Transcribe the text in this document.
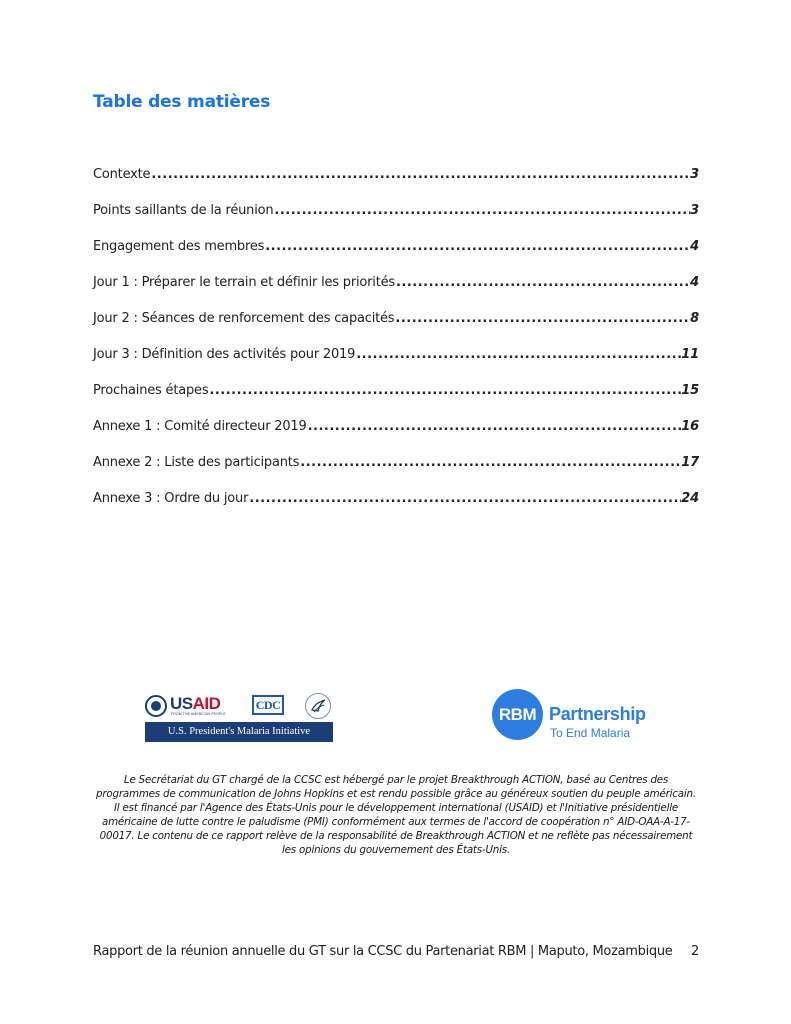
Table des matières
Contexte .....	3
Points saillants de la réunion .....	3
Engagement des membres .....	4
Jour 1 : Préparer le terrain et définir les priorités .....	4
Jour 2 : Séances de renforcement des capacités .....	8
Jour 3 : Définition des activités pour 2019 .....	11
Prochaines étapes .....	15
Annexe 1 : Comité directeur 2019 .....	16
Annexe 2 : Liste des participants .....	17
Annexe 3 : Ordre du jour .....	24
USAID
FROM THE AMERICAN PEOPLE
CDC
U.S. President's Malaria Initiative
RBM Partnership
To End Malaria
Le Secrétariat du GT chargé de la CCSC est hébergé par le projet Breakthrough ACTION, basé au Centres des programmes de communication de Johns Hopkins et est rendu possible grâce au généreux soutien du peuple américain. Il est financé par l'Agence des États-Unis pour le développement international (USAID) et l'Initiative présidentielle américaine de lutte contre le paludisme (PMI) conformément aux termes de l'accord de coopération n° AID-OAA-A-17-00017. Le contenu de ce rapport relève de la responsabilité de Breakthrough ACTION et ne reflète pas nécessairement les opinions du gouvernement des États-Unis.
Rapport de la réunion annuelle du GT sur la CCSC du Partenariat RBM | Maputo, Mozambique 2
